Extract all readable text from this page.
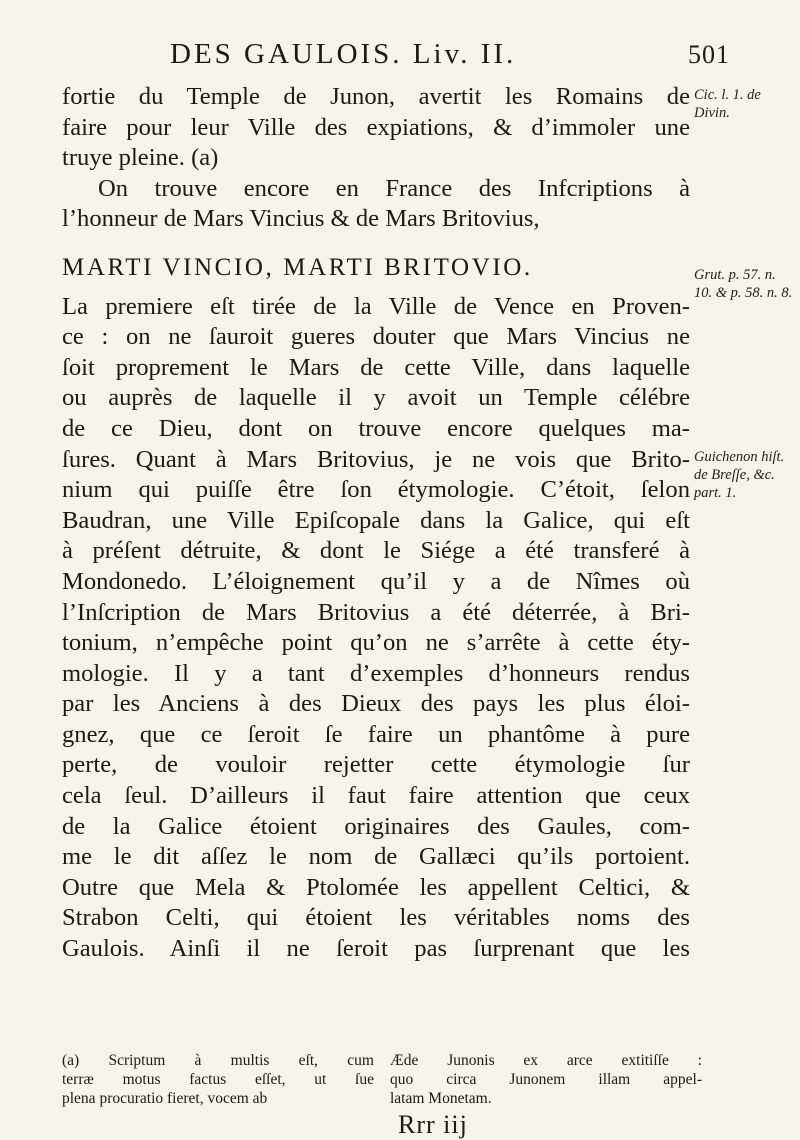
DES GAULOIS. Liv. II.	501
fortie du Temple de Junon, avertit les Romains de
faire pour leur Ville des expiations, & d’immoler une
truye pleine. (a)
On trouve encore en France des Infcriptions à
l’honneur de Mars Vincius & de Mars Britovius,
MARTI VINCIO, MARTI BRITOVIO.
La premiere eſt tirée de la Ville de Vence en Proven-
ce : on ne ſauroit gueres douter que Mars Vincius ne
ſoit proprement le Mars de cette Ville, dans laquelle
ou auprès de laquelle il y avoit un Temple célébre
de ce Dieu, dont on trouve encore quelques ma-
ſures. Quant à Mars Britovius, je ne vois que Brito-
nium qui puiſſe être ſon étymologie. C’étoit, ſelon
Baudran, une Ville Epiſcopale dans la Galice, qui eſt
à préſent détruite, & dont le Siége a été transferé à
Mondonedo. L’éloignement qu’il y a de Nîmes où
l’Inſcription de Mars Britovius a été déterrée, à Bri-
tonium, n’empêche point qu’on ne s’arrête à cette éty-
mologie. Il y a tant d’exemples d’honneurs rendus
par les Anciens à des Dieux des pays les plus éloi-
gnez, que ce ſeroit ſe faire un phantôme à pure
perte, de vouloir rejetter cette étymologie ſur
cela ſeul. D’ailleurs il faut faire attention que ceux
de la Galice étoient originaires des Gaules, com-
me le dit aſſez le nom de Gallæci qu’ils portoient.
Outre que Mela & Ptolomée les appellent Celtici, &
Strabon Celti, qui étoient les véritables noms des
Gaulois. Ainſi il ne ſeroit pas ſurprenant que les
Cic. l. 1. de Divin.
Grut. p. 57. n. 10. & p. 58. n. 8.
Guichenon hiſt. de Breſſe, &c. part. 1.
(a) Scriptum à multis eſt, cum
terræ motus factus eſſet, ut ſue
plena procuratio fieret, vocem ab
Æde Junonis ex arce extitiſſe :
quo circa Junonem illam appel-
latam Monetam.
Rrr iij
